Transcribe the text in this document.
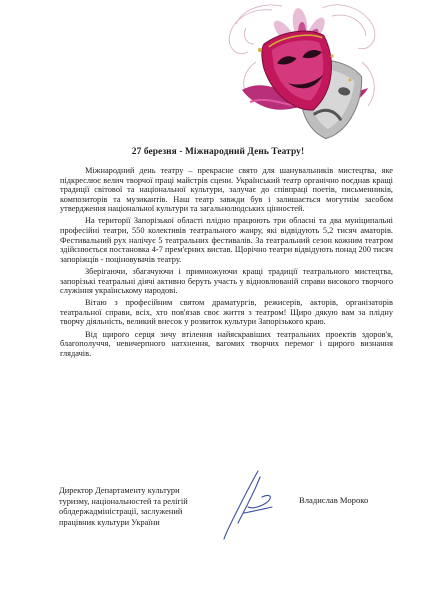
27 березня - Міжнародний День Театру!

Міжнародний день театру – прекрасне свято для шанувальників мистецтва, яке підкреслює велич творчої праці майстрів сцени. Український театр органічно поєднав кращі традиції світової та національної культури, залучає до співпраці поетів, письменників, композиторів та музикантів. Наш театр завжди був і залишається могутнім засобом утвердження національної культури та загальнолюдських цінностей.

На території Запорізької області плідно працюють три обласні та два муніципальні професійні театри, 550 колективів театрального жанру, які відвідують 5,2 тисяч аматорів. Фестивальний рух налічує 5 театральних фестивалів. За театральний сезон кожним театром здійснюється постановка 4-7 прем'єрних вистав. Щорічно театри відвідують понад 200 тисяч запоріжців - поціновувачів театру.

Зберігаючи, збагачуючи і примножуючи кращі традиції театрального мистецтва, запорізькі театральні діячі активно беруть участь у відновлюваній справи високого творчого служіння українському народові.

Вітаю з професійним святом драматургів, режисерів, акторів, організаторів театральної справи, всіх, хто пов'язав своє життя з театром! Щиро дякую вам за плідну творчу діяльність, великий внесок у розвиток культури Запорізького краю.

Від щирого серця зичу втілення найяскравіших театральних проектів здоров'я, благополуччя, невичерпного натхнення, вагомих творчих перемог і щирого визнання глядачів.

Директор Департаменту культури
туризму, національностей та релігій
облдержадміністрації, заслужений
працівник культури України
Владислав Мороко
